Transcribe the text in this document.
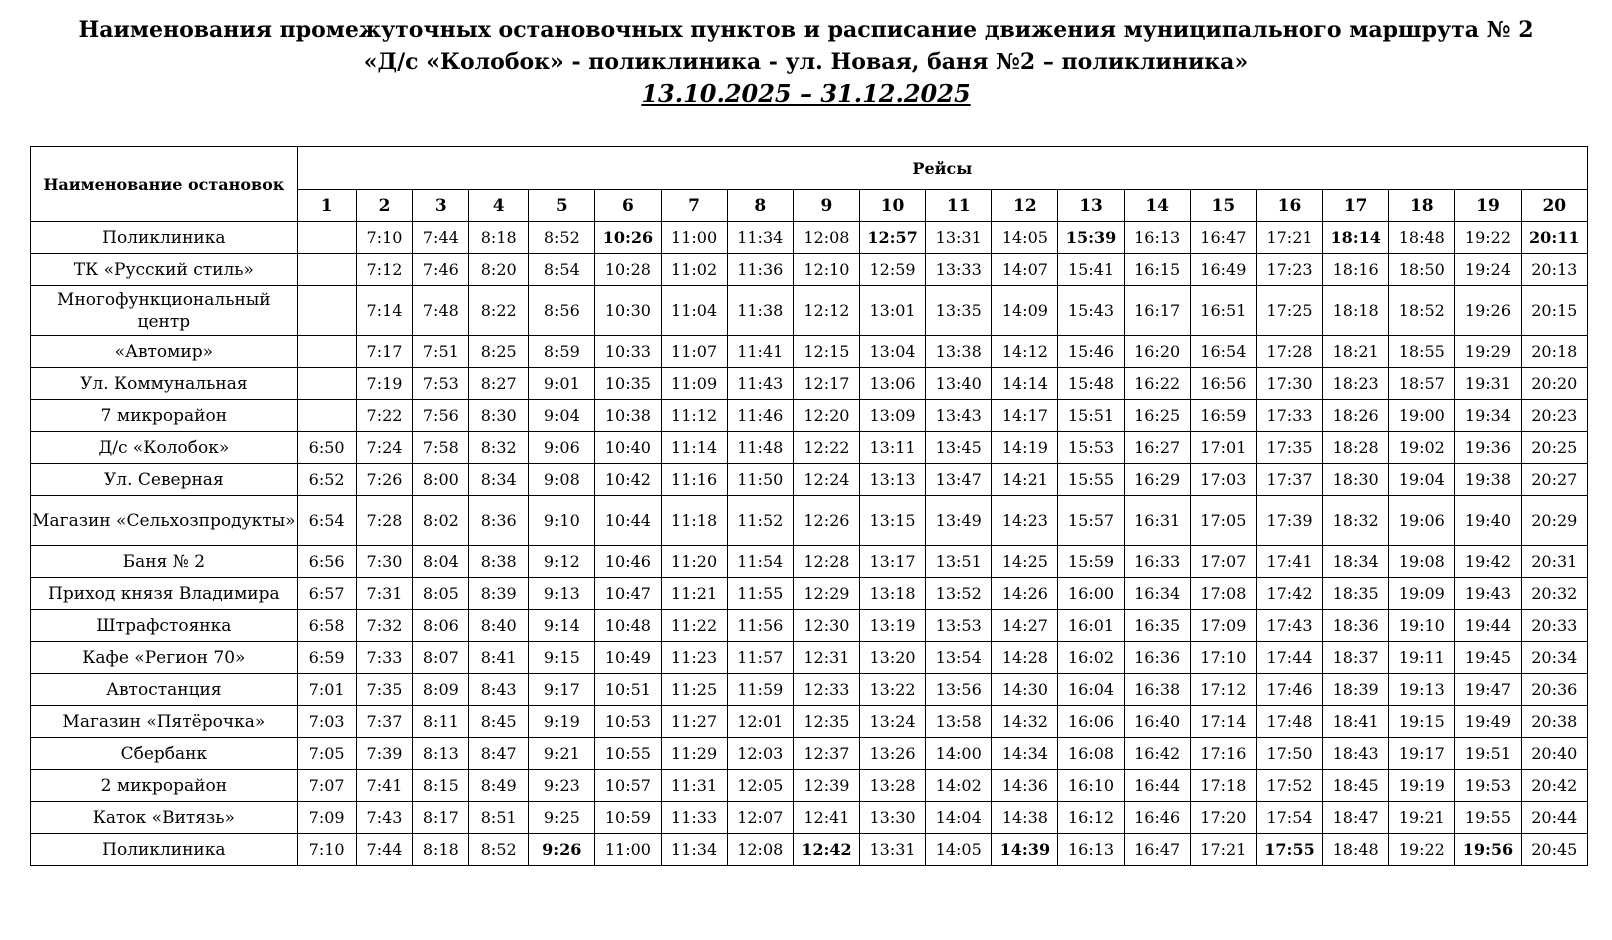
Наименования промежуточных остановочных пунктов и расписание движения муниципального маршрута № 2
«Д/с «Колобок» - поликлиника - ул. Новая, баня №2 – поликлиника»
13.10.2025 – 31.12.2025
Наименование остановок	Рейсы																			
	1	2	3	4	5	6	7	8	9	10	11	12	13	14	15	16	17	18	19	20
Поликлиника		7:10	7:44	8:18	8:52	10:26	11:00	11:34	12:08	12:57	13:31	14:05	15:39	16:13	16:47	17:21	18:14	18:48	19:22	20:11
ТК «Русский стиль»		7:12	7:46	8:20	8:54	10:28	11:02	11:36	12:10	12:59	13:33	14:07	15:41	16:15	16:49	17:23	18:16	18:50	19:24	20:13
Многофункциональный центр		7:14	7:48	8:22	8:56	10:30	11:04	11:38	12:12	13:01	13:35	14:09	15:43	16:17	16:51	17:25	18:18	18:52	19:26	20:15
«Автомир»		7:17	7:51	8:25	8:59	10:33	11:07	11:41	12:15	13:04	13:38	14:12	15:46	16:20	16:54	17:28	18:21	18:55	19:29	20:18
Ул. Коммунальная		7:19	7:53	8:27	9:01	10:35	11:09	11:43	12:17	13:06	13:40	14:14	15:48	16:22	16:56	17:30	18:23	18:57	19:31	20:20
7 микрорайон		7:22	7:56	8:30	9:04	10:38	11:12	11:46	12:20	13:09	13:43	14:17	15:51	16:25	16:59	17:33	18:26	19:00	19:34	20:23
Д/с «Колобок»	6:50	7:24	7:58	8:32	9:06	10:40	11:14	11:48	12:22	13:11	13:45	14:19	15:53	16:27	17:01	17:35	18:28	19:02	19:36	20:25
Ул. Северная	6:52	7:26	8:00	8:34	9:08	10:42	11:16	11:50	12:24	13:13	13:47	14:21	15:55	16:29	17:03	17:37	18:30	19:04	19:38	20:27
Магазин «Сельхозпродукты»	6:54	7:28	8:02	8:36	9:10	10:44	11:18	11:52	12:26	13:15	13:49	14:23	15:57	16:31	17:05	17:39	18:32	19:06	19:40	20:29
Баня № 2	6:56	7:30	8:04	8:38	9:12	10:46	11:20	11:54	12:28	13:17	13:51	14:25	15:59	16:33	17:07	17:41	18:34	19:08	19:42	20:31
Приход князя Владимира	6:57	7:31	8:05	8:39	9:13	10:47	11:21	11:55	12:29	13:18	13:52	14:26	16:00	16:34	17:08	17:42	18:35	19:09	19:43	20:32
Штрафстоянка	6:58	7:32	8:06	8:40	9:14	10:48	11:22	11:56	12:30	13:19	13:53	14:27	16:01	16:35	17:09	17:43	18:36	19:10	19:44	20:33
Кафе «Регион 70»	6:59	7:33	8:07	8:41	9:15	10:49	11:23	11:57	12:31	13:20	13:54	14:28	16:02	16:36	17:10	17:44	18:37	19:11	19:45	20:34
Автостанция	7:01	7:35	8:09	8:43	9:17	10:51	11:25	11:59	12:33	13:22	13:56	14:30	16:04	16:38	17:12	17:46	18:39	19:13	19:47	20:36
Магазин «Пятёрочка»	7:03	7:37	8:11	8:45	9:19	10:53	11:27	12:01	12:35	13:24	13:58	14:32	16:06	16:40	17:14	17:48	18:41	19:15	19:49	20:38
Сбербанк	7:05	7:39	8:13	8:47	9:21	10:55	11:29	12:03	12:37	13:26	14:00	14:34	16:08	16:42	17:16	17:50	18:43	19:17	19:51	20:40
2 микрорайон	7:07	7:41	8:15	8:49	9:23	10:57	11:31	12:05	12:39	13:28	14:02	14:36	16:10	16:44	17:18	17:52	18:45	19:19	19:53	20:42
Каток «Витязь»	7:09	7:43	8:17	8:51	9:25	10:59	11:33	12:07	12:41	13:30	14:04	14:38	16:12	16:46	17:20	17:54	18:47	19:21	19:55	20:44
Поликлиника	7:10	7:44	8:18	8:52	9:26	11:00	11:34	12:08	12:42	13:31	14:05	14:39	16:13	16:47	17:21	17:55	18:48	19:22	19:56	20:45
